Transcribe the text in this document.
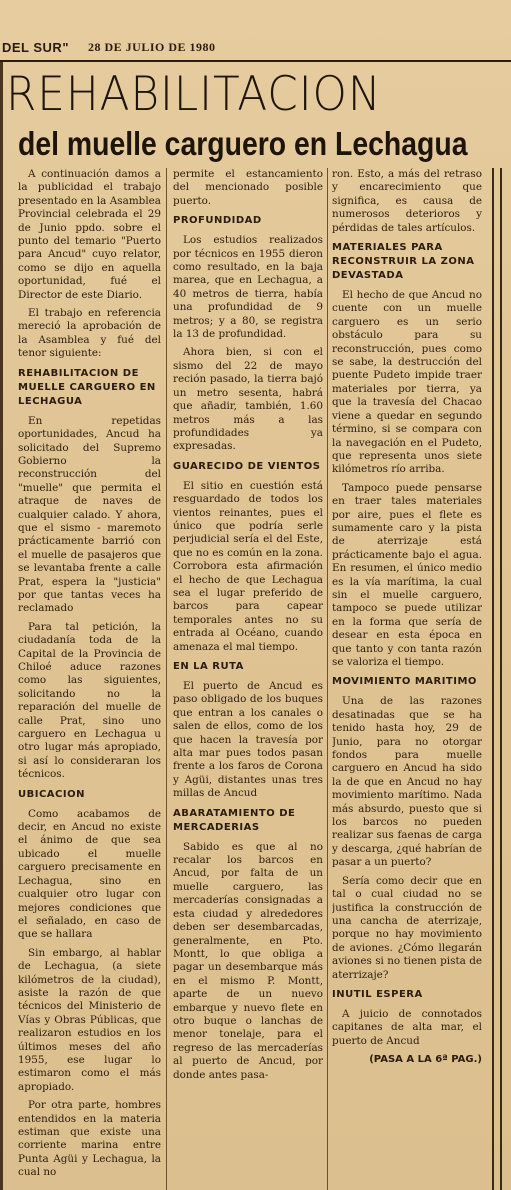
DEL SUR" 28 DE JULIO DE 1980
REHABILITACION
del muelle carguero en Lechagua

A continuación damos a la publicidad el trabajo presentado en la Asamblea Provincial celebrada el 29 de Junio ppdo. sobre el punto del temario "Puerto para Ancud" cuyo relator, como se dijo en aquella oportunidad, fué el Director de este Diario.

El trabajo en referencia mereció la aprobación de la Asamblea y fué del tenor siguiente:

REHABILITACION DE MUELLE CARGUERO EN LECHAGUA

En repetidas oportunidades, Ancud ha solicitado del Supremo Gobierno la reconstrucción del "muelle" que permita el atraque de naves de cualquier calado. Y ahora, que el sismo - maremoto prácticamente barrió con el muelle de pasajeros que se levantaba frente a calle Prat, espera la "justicia" por que tantas veces ha reclamado

Para tal petición, la ciudadanía toda de la Capital de la Provincia de Chiloé aduce razones como las siguientes, solicitando no la reparación del muelle de calle Prat, sino uno carguero en Lechagua u otro lugar más apropiado, si así lo consideraran los técnicos.

UBICACION

Como acabamos de decir, en Ancud no existe el ánimo de que sea ubicado el muelle carguero precisamente en Lechagua, sino en cualquier otro lugar con mejores condiciones que el señalado, en caso de que se hallara

Sin embargo, al hablar de Lechagua, (a siete kilómetros de la ciudad), asiste la razón de que técnicos del Ministerio de Vías y Obras Públicas, que realizaron estudios en los últimos meses del año 1955, ese lugar lo estimaron como el más apropiado.

Por otra parte, hombres entendidos en la materia estiman que existe una corriente marina entre Punta Agüi y Lechagua, la cual no

permite el estancamiento del mencionado posible puerto.

PROFUNDIDAD

Los estudios realizados por técnicos en 1955 dieron como resultado, en la baja marea, que en Lechagua, a 40 metros de tierra, había una profundidad de 9 metros; y a 80, se registra la 13 de profundidad.

Ahora bien, si con el sismo del 22 de mayo reción pasado, la tierra bajó un metro sesenta, habrá que añadir, también, 1.60 metros más a las profundidades ya expresadas.

GUARECIDO DE VIENTOS

El sitio en cuestión está resguardado de todos los vientos reinantes, pues el único que podría serle perjudicial sería el del Este, que no es común en la zona. Corrobora esta afirmación el hecho de que Lechagua sea el lugar preferido de barcos para capear temporales antes no su entrada al Océano, cuando amenaza el mal tiempo.

EN LA RUTA

El puerto de Ancud es paso obligado de los buques que entran a los canales o salen de ellos, como de los que hacen la travesía por alta mar pues todos pasan frente a los faros de Corona y Agüi, distantes unas tres millas de Ancud

ABARATAMIENTO DE MERCADERIAS

Sabido es que al no recalar los barcos en Ancud, por falta de un muelle carguero, las mercaderías consignadas a esta ciudad y alrededores deben ser desembarcadas, generalmente, en Pto. Montt, lo que obliga a pagar un desembarque más en el mismo P. Montt, aparte de un nuevo embarque y nuevo flete en otro buque o lanchas de menor tonelaje, para el regreso de las mercaderías al puerto de Ancud, por donde antes pasa-

ron. Esto, a más del retraso y encarecimiento que significa, es causa de numerosos deterioros y pérdidas de tales artículos.

MATERIALES PARA RECONSTRUIR LA ZONA DEVASTADA

El hecho de que Ancud no cuente con un muelle carguero es un serio obstáculo para su reconstrucción, pues como se sabe, la destrucción del puente Pudeto impide traer materiales por tierra, ya que la travesía del Chacao viene a quedar en segundo término, si se compara con la navegación en el Pudeto, que representa unos siete kilómetros río arriba.

Tampoco puede pensarse en traer tales materiales por aire, pues el flete es sumamente caro y la pista de aterrizaje está prácticamente bajo el agua. En resumen, el único medio es la vía marítima, la cual sin el muelle carguero, tampoco se puede utilizar en la forma que sería de desear en esta época en que tanto y con tanta razón se valoriza el tiempo.

MOVIMIENTO MARITIMO

Una de las razones desatinadas que se ha tenido hasta hoy, 29 de Junio, para no otorgar fondos para muelle carguero en Ancud ha sido la de que en Ancud no hay movimiento marítimo. Nada más absurdo, puesto que si los barcos no pueden realizar sus faenas de carga y descarga, ¿qué habrían de pasar a un puerto?

Sería como decir que en tal o cual ciudad no se justifica la construcción de una cancha de aterrizaje, porque no hay movimiento de aviones. ¿Cómo llegarán aviones si no tienen pista de aterrizaje?

INUTIL ESPERA

A juicio de connotados capitanes de alta mar, el puerto de Ancud

(PASA A LA 6ª PAG.)
